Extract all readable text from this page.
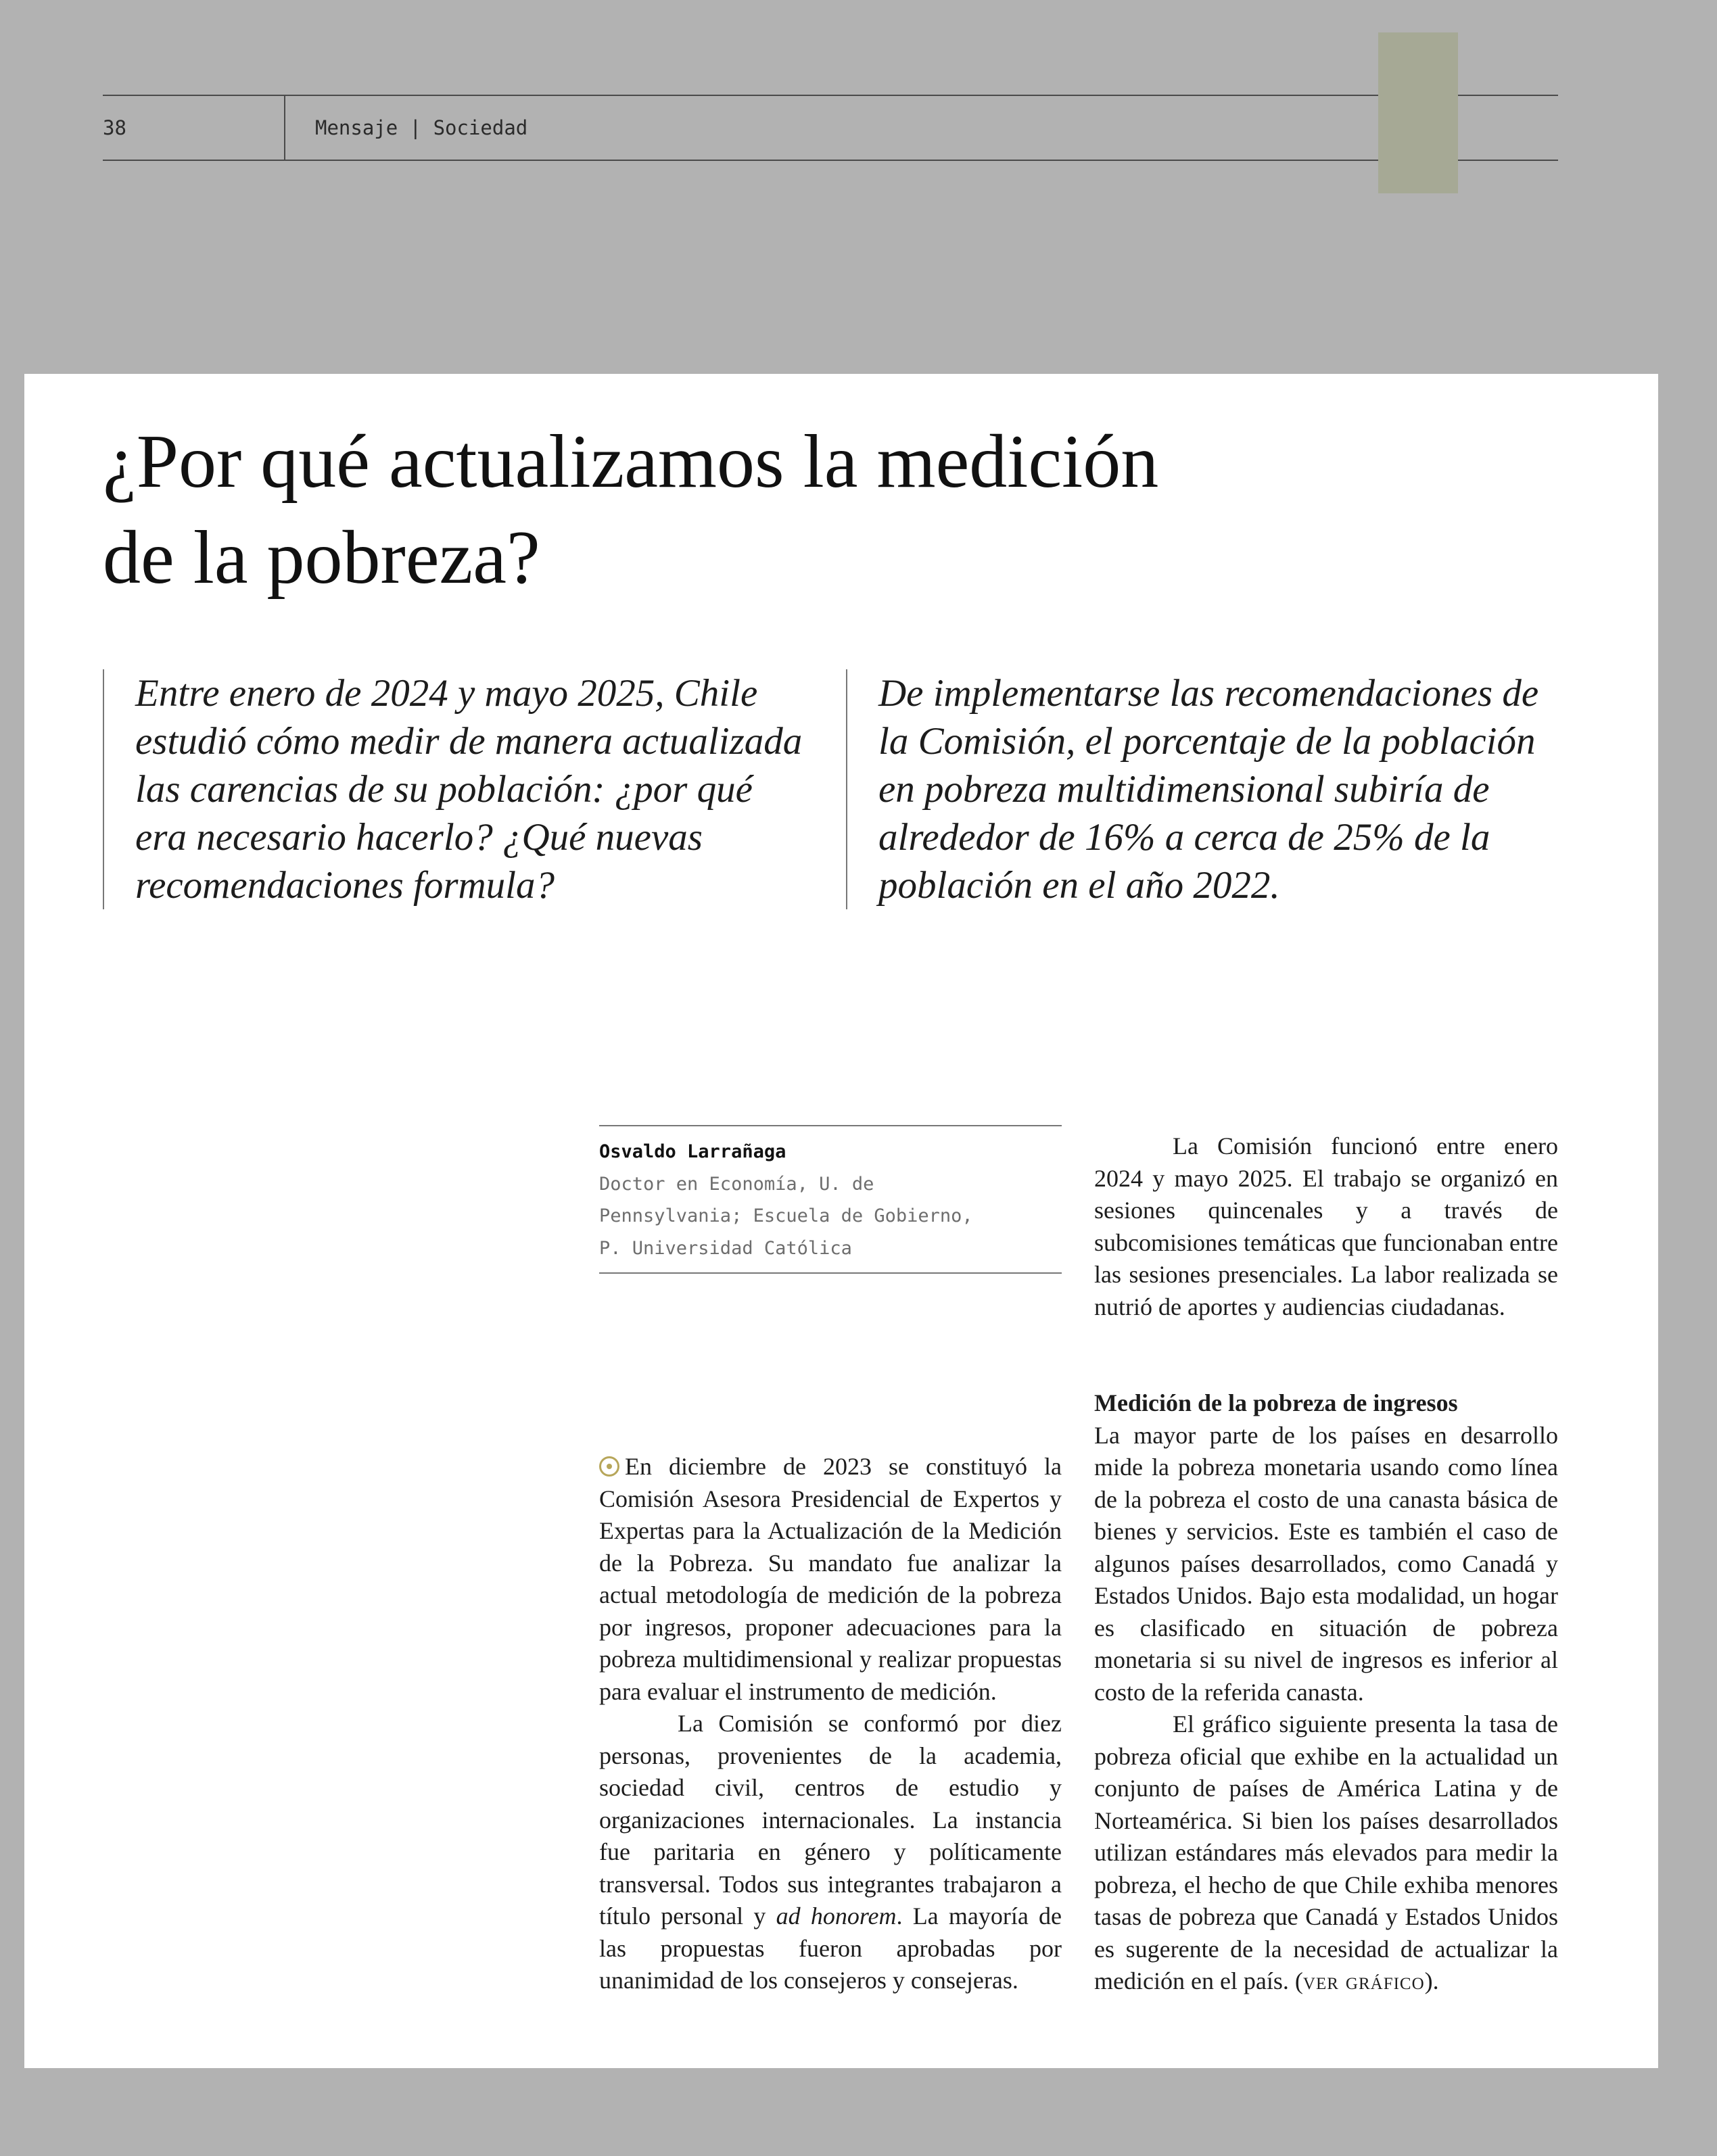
38	Mensaje | Sociedad
¿Por qué actualizamos la medición
de la pobreza?
Entre enero de 2024 y mayo 2025, Chile estudió cómo medir de manera actualizada las carencias de su población: ¿por qué era necesario hacerlo? ¿Qué nuevas recomendaciones formula?
De implementarse las recomendaciones de la Comisión, el porcentaje de la población en pobreza multidimensional subiría de alrededor de 16% a cerca de 25% de la población en el año 2022.
Osvaldo Larrañaga
Doctor en Economía, U. de
Pennsylvania; Escuela de Gobierno,
P. Universidad Católica

La Comisión funcionó entre enero 2024 y mayo 2025. El trabajo se organizó en sesiones quincenales y a través de subcomisiones temáticas que funcionaban entre las sesiones presenciales. La labor realizada se nutrió de aportes y audiencias ciudadanas.

Medición de la pobreza de ingresos

La mayor parte de los países en desarrollo mide la pobreza monetaria usando como línea de la pobreza el costo de una canasta básica de bienes y servicios. Este es también el caso de algunos países desarrollados, como Canadá y Estados Unidos. Bajo esta modalidad, un hogar es clasificado en situación de pobreza monetaria si su nivel de ingresos es inferior al costo de la referida canasta.

El gráfico siguiente presenta la tasa de pobreza oficial que exhibe en la actualidad un conjunto de países de América Latina y de Norteamérica. Si bien los países desarrollados utilizan estándares más elevados para medir la pobreza, el hecho de que Chile exhiba menores tasas de pobreza que Canadá y Estados Unidos es sugerente de la necesidad de actualizar la medición en el país. (ver gráfico).

En diciembre de 2023 se constituyó la Comisión Asesora Presidencial de Expertos y Expertas para la Actualización de la Medición de la Pobreza. Su mandato fue analizar la actual metodología de medición de la pobreza por ingresos, proponer adecuaciones para la pobreza multidimensional y realizar propuestas para evaluar el instrumento de medición.

La Comisión se conformó por diez personas, provenientes de la academia, sociedad civil, centros de estudio y organizaciones internacionales. La instancia fue paritaria en género y políticamente transversal. Todos sus integrantes trabajaron a título personal y ad honorem. La mayoría de las propuestas fueron aprobadas por unanimidad de los consejeros y consejeras.
